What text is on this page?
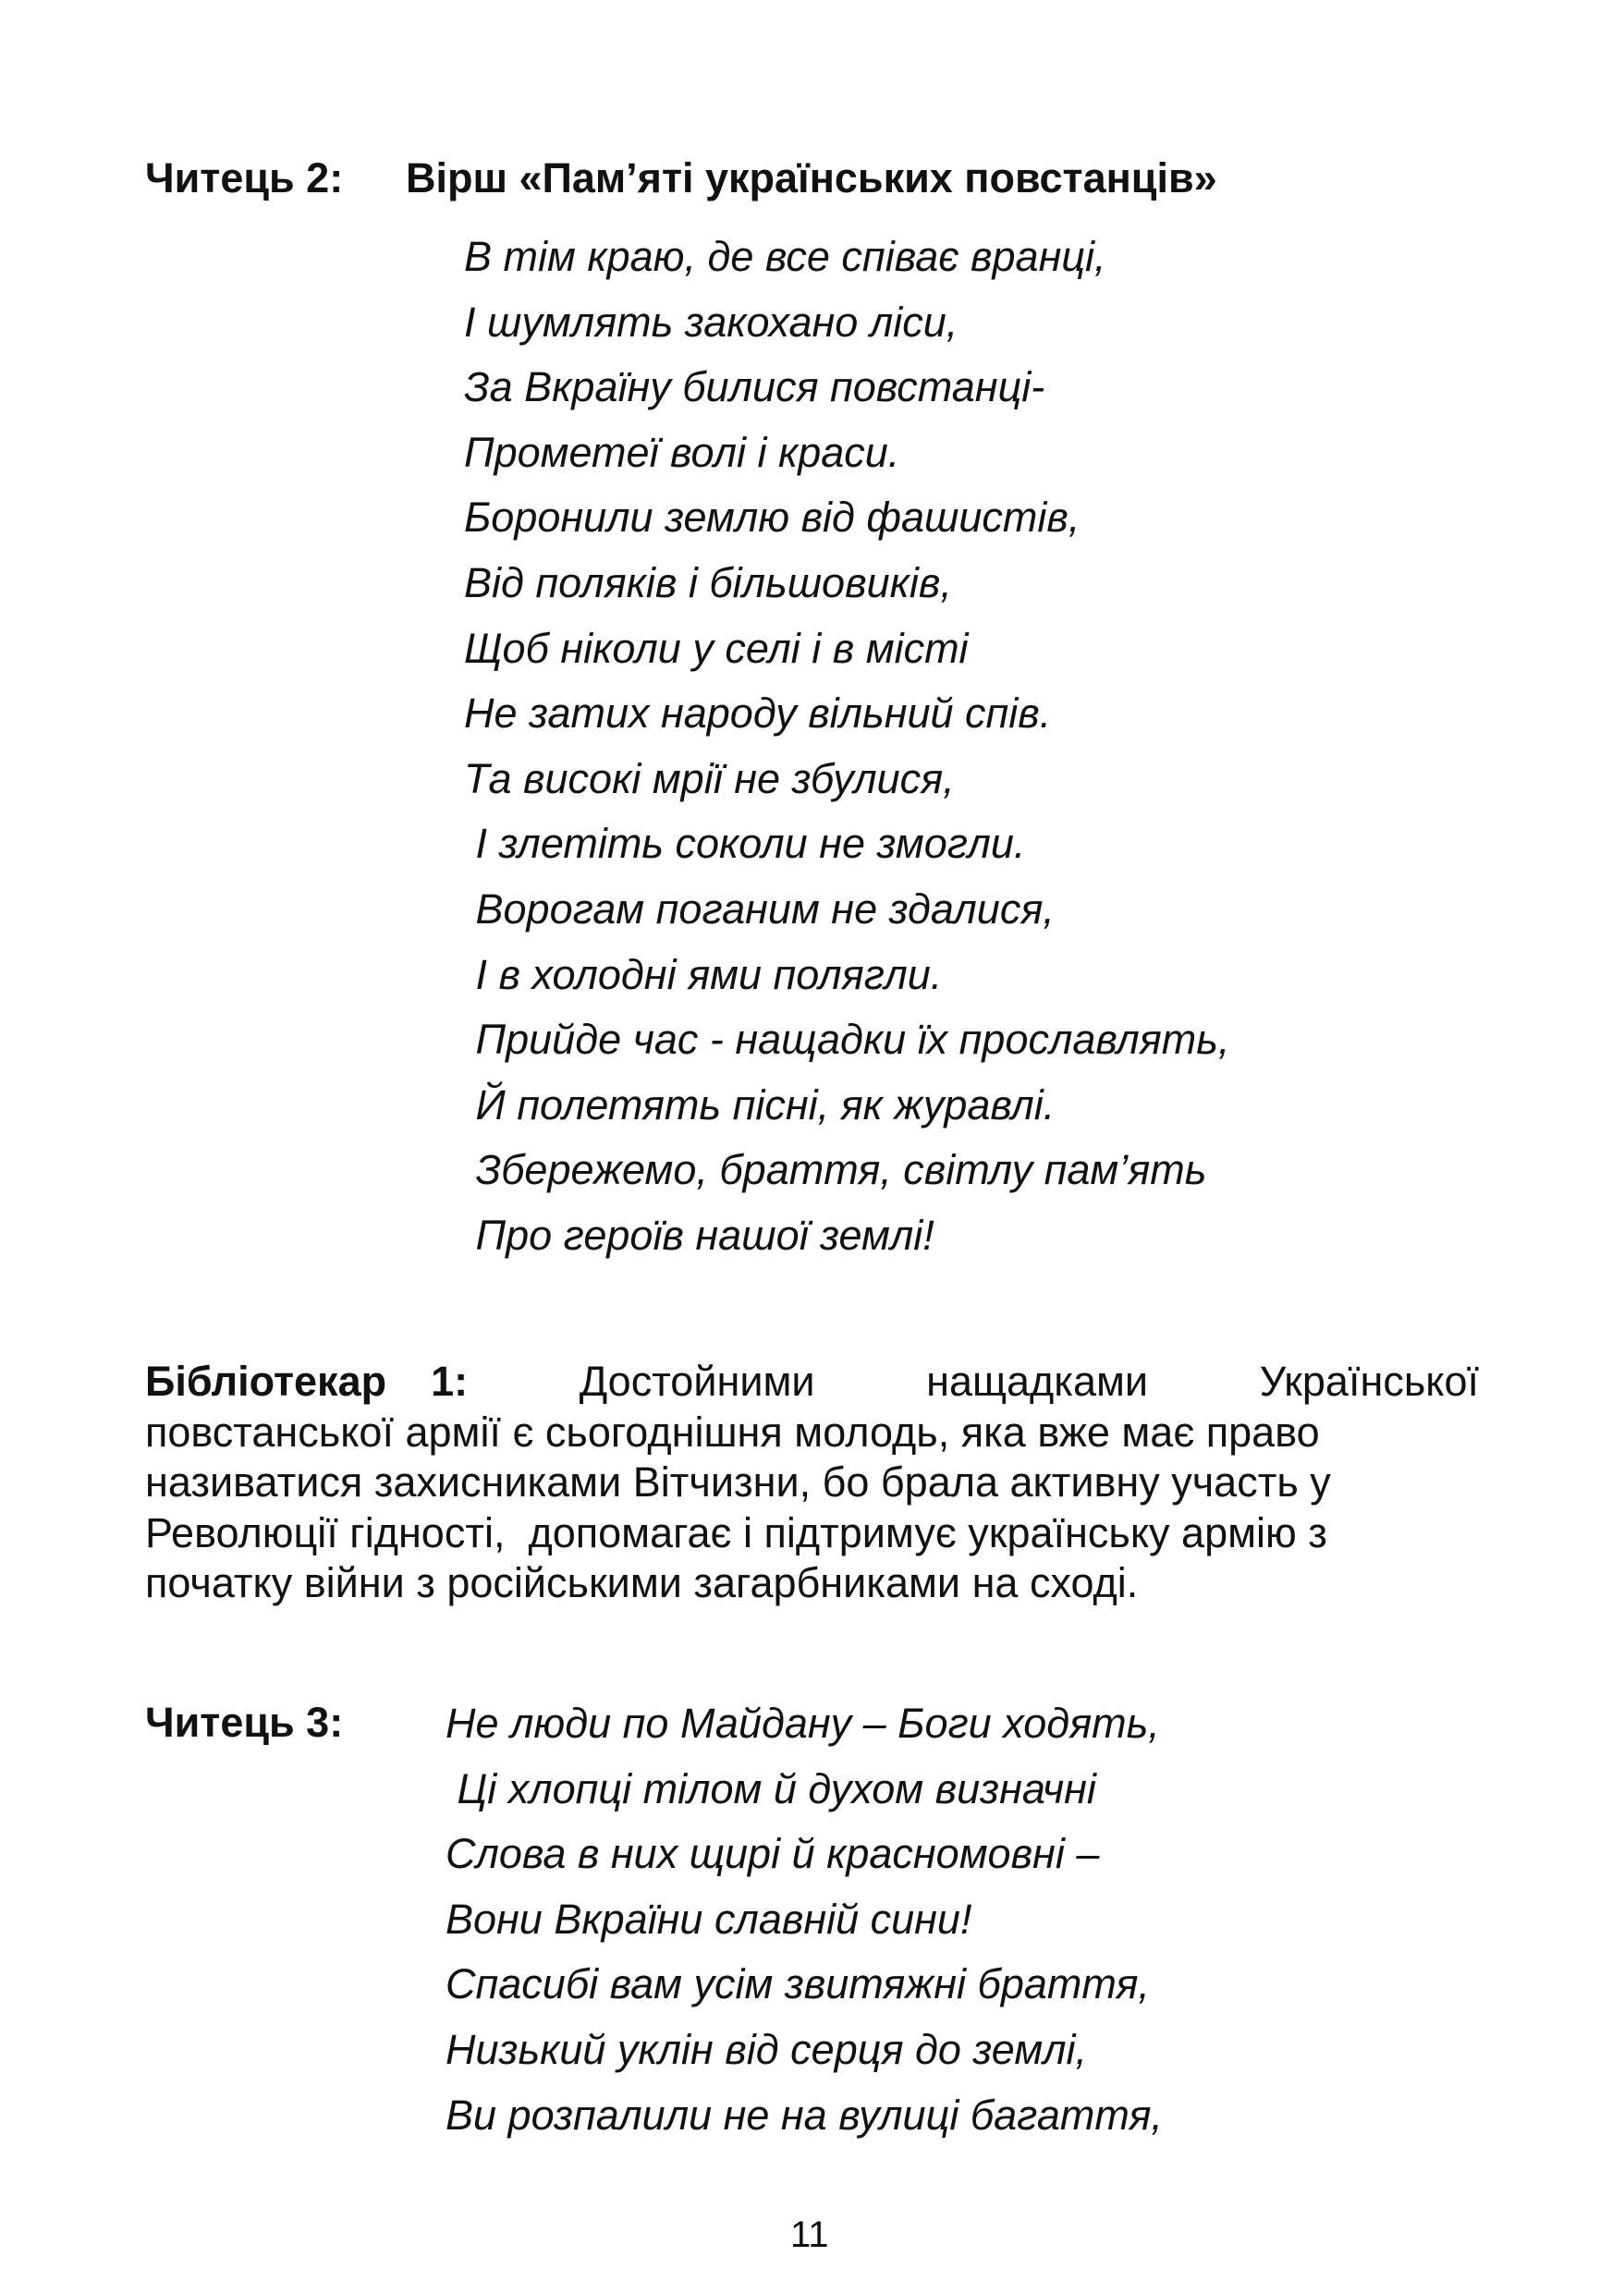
Читець 2: Вірш «Пам’яті українських повстанців»
В тім краю, де все співає вранці,
І шумлять закохано ліси,
За Вкраїну билися повстанці-
Прометеї волі і краси.
Боронили землю від фашистів,
Від поляків і більшовиків,
Щоб ніколи у селі і в місті
Не затих народу вільний спів.
Та високі мрії не збулися,
І злетіть соколи не змогли.
Ворогам поганим не здалися,
І в холодні ями полягли.
Прийде час - нащадки їх прославлять,
Й полетять пісні, як журавлі.
Збережемо, браття, світлу пам’ять
Про героїв нашої землі!
Бібліотекар 1:	Достойними	нащадками	Української
повстанської армії є сьогоднішня молодь, яка вже має право
називатися захисниками Вітчизни, бо брала активну участь у
Революції гідності,  допомагає і підтримує українську армію з
початку війни з російськими загарбниками на сході.
Читець 3: Не люди по Майдану – Боги ходять,
Ці хлопці тілом й духом визначні
Слова в них щирі й красномовні –
Вони Вкраїни славній сини!
Спасибі вам усім звитяжні браття,
Низький уклін від серця до землі,
Ви розпалили не на вулиці багаття,
11
